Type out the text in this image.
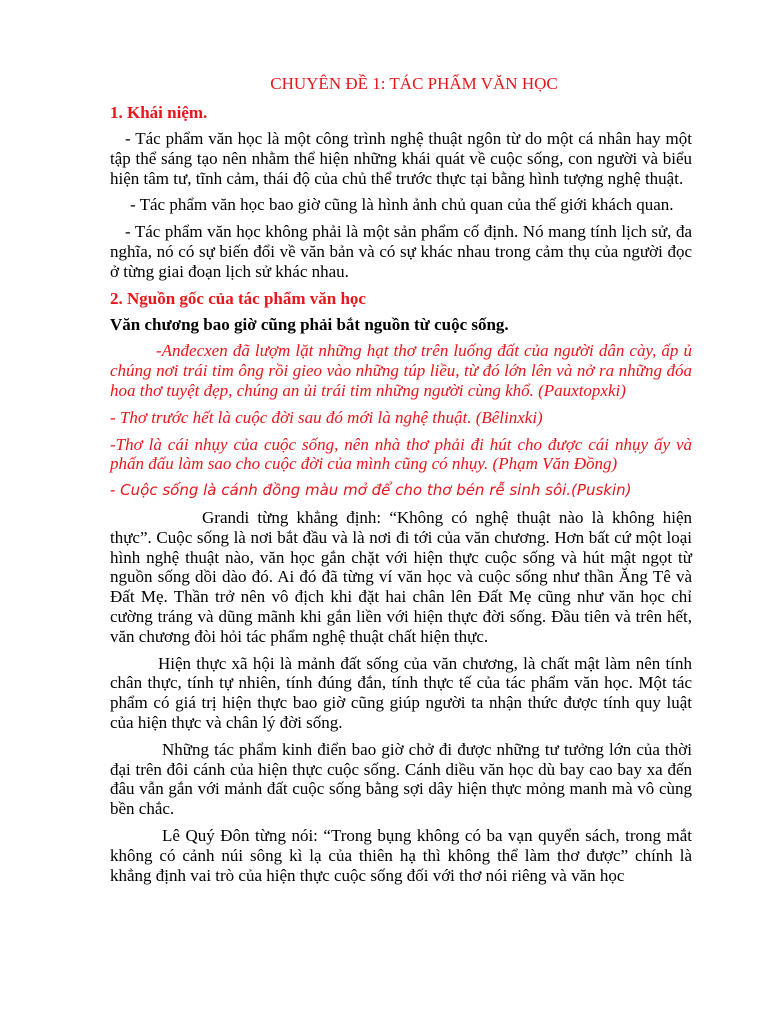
CHUYÊN ĐỀ 1: TÁC PHẨM VĂN HỌC
1. Khái niệm.
- Tác phẩm văn học là một công trình nghệ thuật ngôn từ do một cá nhân hay một tập thể sáng tạo nên nhằm thể hiện những khái quát về cuộc sống, con người và biểu hiện tâm tư, tĩnh cảm, thái độ của chủ thể trước thực tại bằng hình tượng nghệ thuật.
- Tác phẩm văn học bao giờ cũng là hình ảnh chủ quan của thế giới khách quan.
- Tác phẩm văn học không phải là một sản phẩm cố định. Nó mang tính lịch sử, đa nghĩa, nó có sự biến đổi về văn bản và có sự khác nhau trong cảm thụ của người đọc ở từng giai đoạn lịch sử khác nhau.
2. Nguồn gốc của tác phẩm văn học
Văn chương bao giờ cũng phải bắt nguồn từ cuộc sống.
-Anđecxen đã lượm lặt những hạt thơ trên luống đất của người dân cày, ấp ủ chúng nơi trái tim ông rồi gieo vào những túp liều, từ đó lớn lên và nở ra những đóa hoa thơ tuyệt đẹp, chúng an ủi trái tim những người cùng khổ. (Pauxtopxki)
- Thơ trước hết là cuộc đời sau đó mới là nghệ thuật. (Bêlinxki)
-Thơ là cái nhụy của cuộc sống, nên nhà thơ phải đi hút cho được cái nhụy ấy và phấn đấu làm sao cho cuộc đời của mình cũng có nhụy. (Phạm Văn Đồng)
- Cuộc sống là cánh đồng màu mở để cho thơ bén rễ sinh sôi.(Puskin)
Grandi từng khẳng định: “Không có nghệ thuật nào là không hiện thực”. Cuộc sống là nơi bắt đầu và là nơi đi tới của văn chương. Hơn bất cứ một loại hình nghệ thuật nào, văn học gắn chặt với hiện thực cuộc sống và hút mật ngọt từ nguồn sống dồi dào đó. Ai đó đã từng ví văn học và cuộc sống như thần Ăng Tê và Đất Mẹ. Thần trở nên vô địch khi đặt hai chân lên Đất Mẹ cũng như văn học chỉ cường tráng và dũng mãnh khi gắn liền với hiện thực đời sống. Đầu tiên và trên hết, văn chương đòi hỏi tác phẩm nghệ thuật chất hiện thực.
Hiện thực xã hội là mảnh đất sống của văn chương, là chất mật làm nên tính chân thực, tính tự nhiên, tính đúng đắn, tính thực tế của tác phẩm văn học. Một tác phẩm có giá trị hiện thực bao giờ cũng giúp người ta nhận thức được tính quy luật của hiện thực và chân lý đời sống.
Những tác phẩm kinh điển bao giờ chở đi được những tư tưởng lớn của thời đại trên đôi cánh của hiện thực cuộc sống. Cánh diều văn học dù bay cao bay xa đến đâu vẫn gắn với mảnh đất cuộc sống bằng sợi dây hiện thực mỏng manh mà vô cùng bền chắc.
Lê Quý Đôn từng nói: “Trong bụng không có ba vạn quyển sách, trong mắt không có cảnh núi sông kì lạ của thiên hạ thì không thể làm thơ được” chính là khẳng định vai trò của hiện thực cuộc sống đối với thơ nói riêng và văn học
